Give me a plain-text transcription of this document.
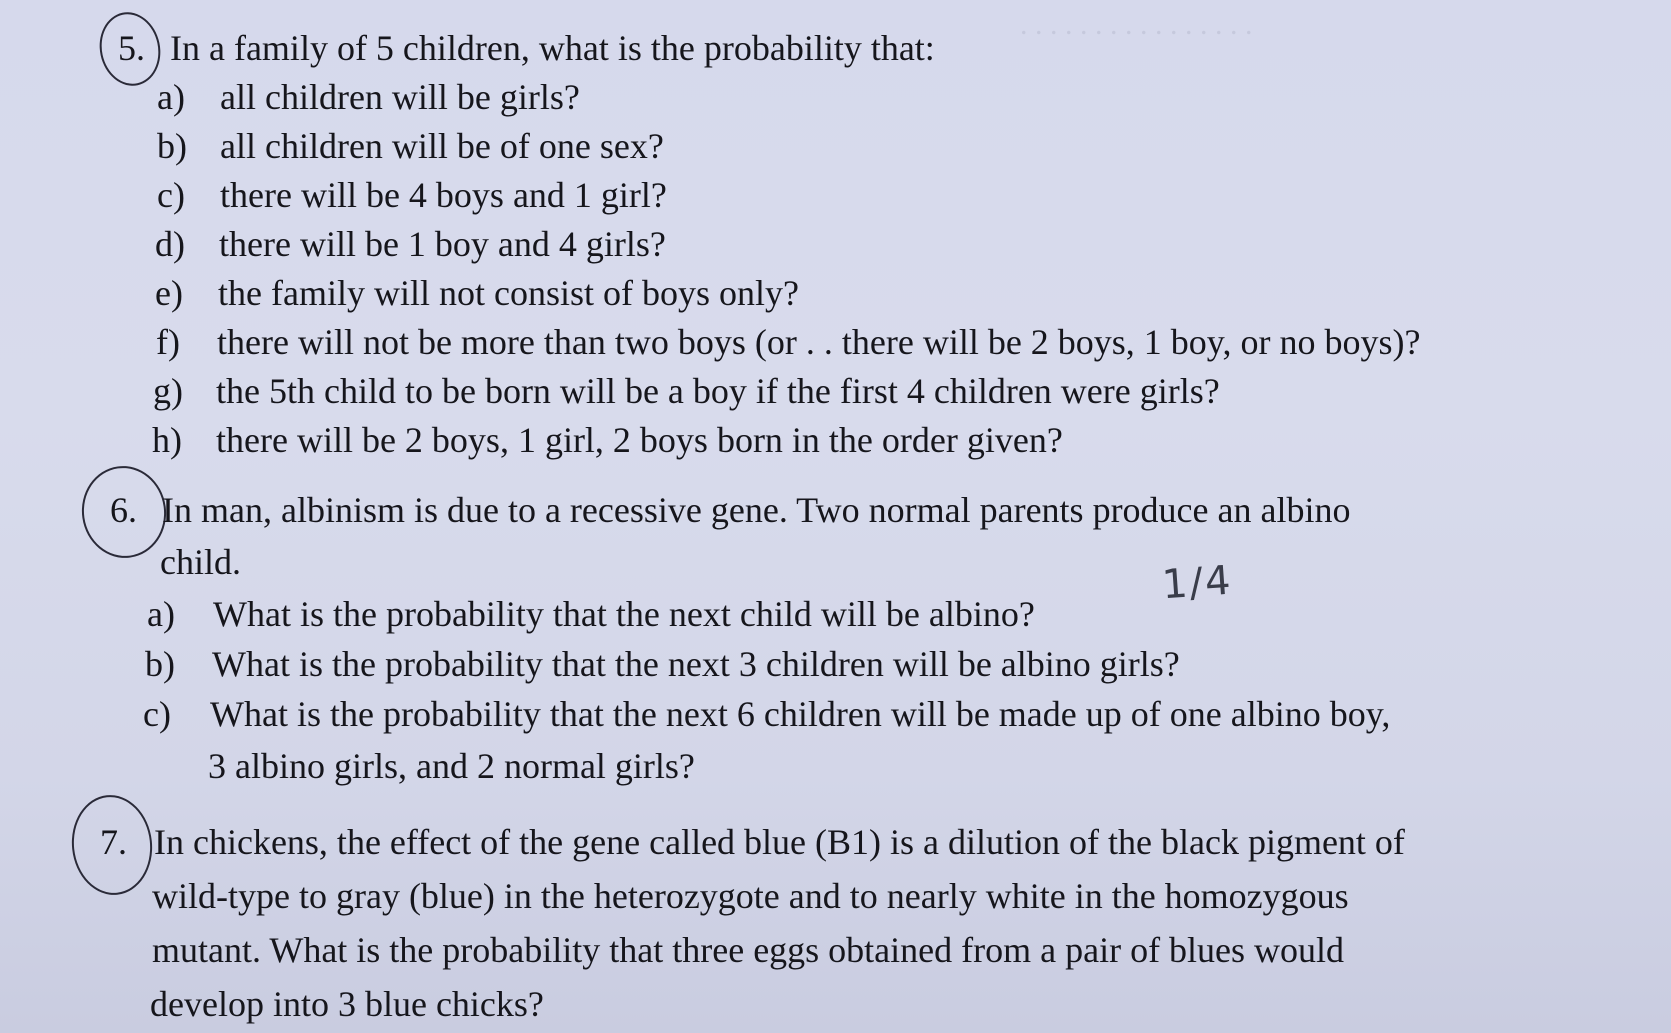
. . . . . . . . . . . . . . . .
5. In a family of 5 children, what is the probability that:
a) all children will be girls?
b) all children will be of one sex?
c) there will be 4 boys and 1 girl?
d) there will be 1 boy and 4 girls?
e) the family will not consist of boys only?
f) there will not be more than two boys (or . . there will be 2 boys, 1 boy, or no boys)?
g) the 5th child to be born will be a boy if the first 4 children were girls?
h) there will be 2 boys, 1 girl, 2 boys born in the order given?
6. In man, albinism is due to a recessive gene. Two normal parents produce an albino
child.
a) What is the probability that the next child will be albino?
1/4
b) What is the probability that the next 3 children will be albino girls?
c) What is the probability that the next 6 children will be made up of one albino boy,
3 albino girls, and 2 normal girls?
7. In chickens, the effect of the gene called blue (B1) is a dilution of the black pigment of
wild-type to gray (blue) in the heterozygote and to nearly white in the homozygous
mutant. What is the probability that three eggs obtained from a pair of blues would
develop into 3 blue chicks?
